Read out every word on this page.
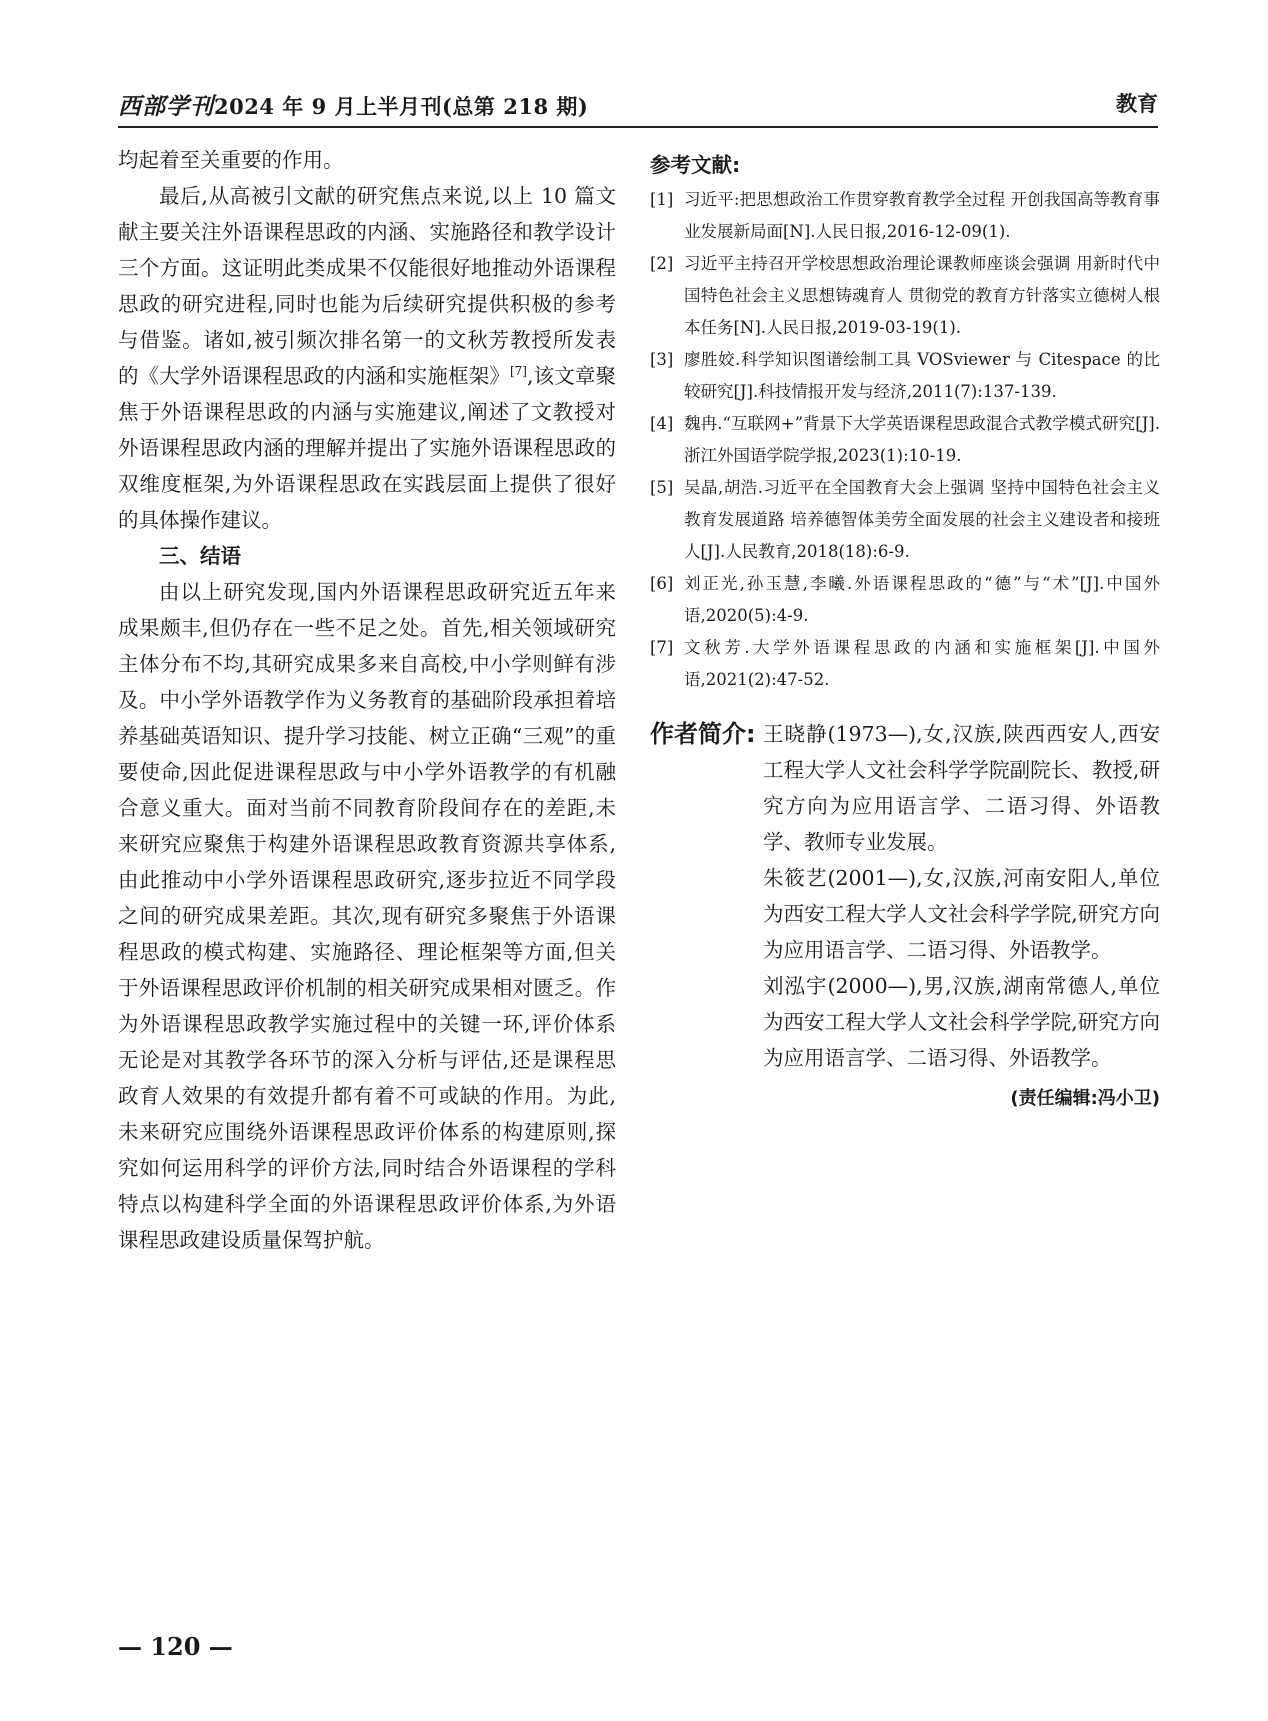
西部学刊2024 年 9 月上半月刊(总第 218 期)	教育

均起着至关重要的作用。

最后,从高被引文献的研究焦点来说,以上 10 篇文献主要关注外语课程思政的内涵、实施路径和教学设计三个方面。这证明此类成果不仅能很好地推动外语课程思政的研究进程,同时也能为后续研究提供积极的参考与借鉴。诸如,被引频次排名第一的文秋芳教授所发表的《大学外语课程思政的内涵和实施框架》[7],该文章聚焦于外语课程思政的内涵与实施建议,阐述了文教授对外语课程思政内涵的理解并提出了实施外语课程思政的双维度框架,为外语课程思政在实践层面上提供了很好的具体操作建议。

三、结语

由以上研究发现,国内外语课程思政研究近五年来成果颇丰,但仍存在一些不足之处。首先,相关领域研究主体分布不均,其研究成果多来自高校,中小学则鲜有涉及。中小学外语教学作为义务教育的基础阶段承担着培养基础英语知识、提升学习技能、树立正确“三观”的重要使命,因此促进课程思政与中小学外语教学的有机融合意义重大。面对当前不同教育阶段间存在的差距,未来研究应聚焦于构建外语课程思政教育资源共享体系,由此推动中小学外语课程思政研究,逐步拉近不同学段之间的研究成果差距。其次,现有研究多聚焦于外语课程思政的模式构建、实施路径、理论框架等方面,但关于外语课程思政评价机制的相关研究成果相对匮乏。作为外语课程思政教学实施过程中的关键一环,评价体系无论是对其教学各环节的深入分析与评估,还是课程思政育人效果的有效提升都有着不可或缺的作用。为此,未来研究应围绕外语课程思政评价体系的构建原则,探究如何运用科学的评价方法,同时结合外语课程的学科特点以构建科学全面的外语课程思政评价体系,为外语课程思政建设质量保驾护航。

参考文献:
[1] 习近平:把思想政治工作贯穿教育教学全过程 开创我国高等教育事业发展新局面[N].人民日报,2016-12-09(1).
[2] 习近平主持召开学校思想政治理论课教师座谈会强调 用新时代中国特色社会主义思想铸魂育人 贯彻党的教育方针落实立德树人根本任务[N].人民日报,2019-03-19(1).
[3] 廖胜姣.科学知识图谱绘制工具 VOSviewer 与 Citespace 的比较研究[J].科技情报开发与经济,2011(7):137-139.
[4] 魏冉.“互联网+”背景下大学英语课程思政混合式教学模式研究[J].浙江外国语学院学报,2023(1):10-19.
[5] 吴晶,胡浩.习近平在全国教育大会上强调 坚持中国特色社会主义教育发展道路 培养德智体美劳全面发展的社会主义建设者和接班人[J].人民教育,2018(18):6-9.
[6] 刘正光,孙玉慧,李曦.外语课程思政的“德”与“术”[J].中国外语,2020(5):4-9.
[7] 文秋芳.大学外语课程思政的内涵和实施框架[J].中国外语,2021(2):47-52.
作者简介: 王晓静(1973—),女,汉族,陕西西安人,西安工程大学人文社会科学学院副院长、教授,研究方向为应用语言学、二语习得、外语教学、教师专业发展。

朱筱艺(2001—),女,汉族,河南安阳人,单位为西安工程大学人文社会科学学院,研究方向为应用语言学、二语习得、外语教学。

刘泓宇(2000—),男,汉族,湖南常德人,单位为西安工程大学人文社会科学学院,研究方向为应用语言学、二语习得、外语教学。

(责任编辑:冯小卫)
— 120 —
